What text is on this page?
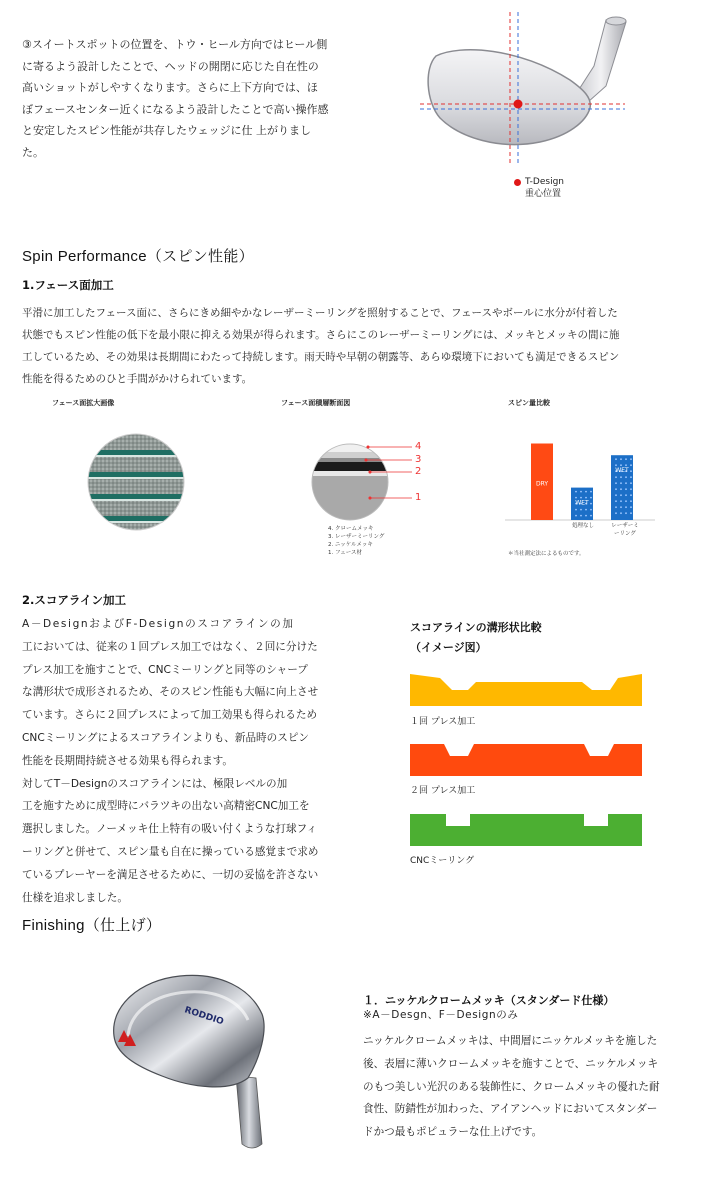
③スイートスポットの位置を、トウ・ヒール方向ではヒール側
に寄るよう設計したことで、ヘッドの開閉に応じた自在性の
高いショットがしやすくなります。さらに上下方向では、ほ
ぼフェースセンター近くになるよう設計したことで高い操作感
と安定したスピン性能が共存したウェッジに仕 上がりまし
た。
T-Design
重心位置
Spin Performance（スピン性能）
1.フェース面加工
平滑に加工したフェース面に、さらにきめ細やかなレーザーミーリングを照射することで、フェースやボールに水分が付着した
状態でもスピン性能の低下を最小限に抑える効果が得られます。さらにこのレーザーミーリングには、メッキとメッキの間に施
工しているため、その効果は長期間にわたって持続します。雨天時や早朝の朝露等、あらゆ環境下においても満足できるスピン
性能を得るためのひと手間がかけられています。
フェース面拡大画像	フェース面積層断面図
4
3
2
1
4. クロームメッキ
3. レーザーミーリング
2. ニッケルメッキ
1. フェース材
スピン量比較
DRY
WET
WET
処理なし	レーザーミーリング
＊当社測定法によるものです。
2.スコアライン加工
A－DesignおよびF-Designのスコアラインの加
工においては、従来の１回プレス加工ではなく、２回に分けた
プレス加工を施すことで、CNCミーリングと同等のシャープ
な溝形状で成形されるため、そのスピン性能も大幅に向上させ
ています。さらに２回プレスによって加工効果も得られるため
CNCミーリングによるスコアラインよりも、新品時のスピン
性能を長期間持続させる効果も得られます。
対してT－Designのスコアラインには、極限レベルの加
工を施すために成型時にバラツキの出ない高精密CNC加工を
選択しました。ノーメッキ仕上特有の吸い付くような打球フィ
ーリングと併せて、スピン量も自在に操っている感覚まで求め
ているプレーヤーを満足させるために、一切の妥協を許さない
仕様を追求しました。
スコアラインの溝形状比較
（イメージ図）
１回 プレス加工
２回 プレス加工
CNCミーリング
Finishing（仕上げ）
RODDIO
１．ニッケルクロームメッキ（スタンダード仕様）
※A－Desgn、F－Designのみ
ニッケルクロームメッキは、中間層にニッケルメッキを施した
後、表層に薄いクロームメッキを施すことで、ニッケルメッキ
のもつ美しい光沢のある装飾性に、クロームメッキの優れた耐
食性、防錆性が加わった、アイアンヘッドにおいてスタンダー
ドかつ最もポピュラーな仕上げです。
